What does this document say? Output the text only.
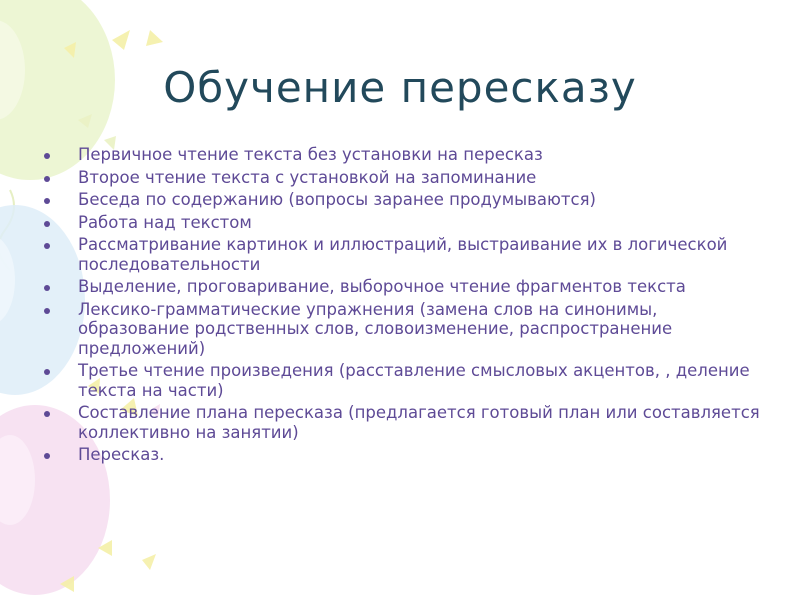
Обучение пересказу
Первичное чтение текста без установки на пересказ
Второе чтение текста с установкой на запоминание
Беседа по содержанию (вопросы заранее продумываются)
Работа над текстом
Рассматривание картинок и иллюстраций, выстраивание их в логической последовательности
Выделение, проговаривание, выборочное чтение фрагментов текста
Лексико-грамматические упражнения (замена слов на синонимы, образование родственных слов, словоизменение, распространение предложений)
Третье чтение произведения (расставление смысловых акцентов, , деление текста на части)
Составление плана пересказа (предлагается готовый план или составляется коллективно на занятии)
Пересказ.
